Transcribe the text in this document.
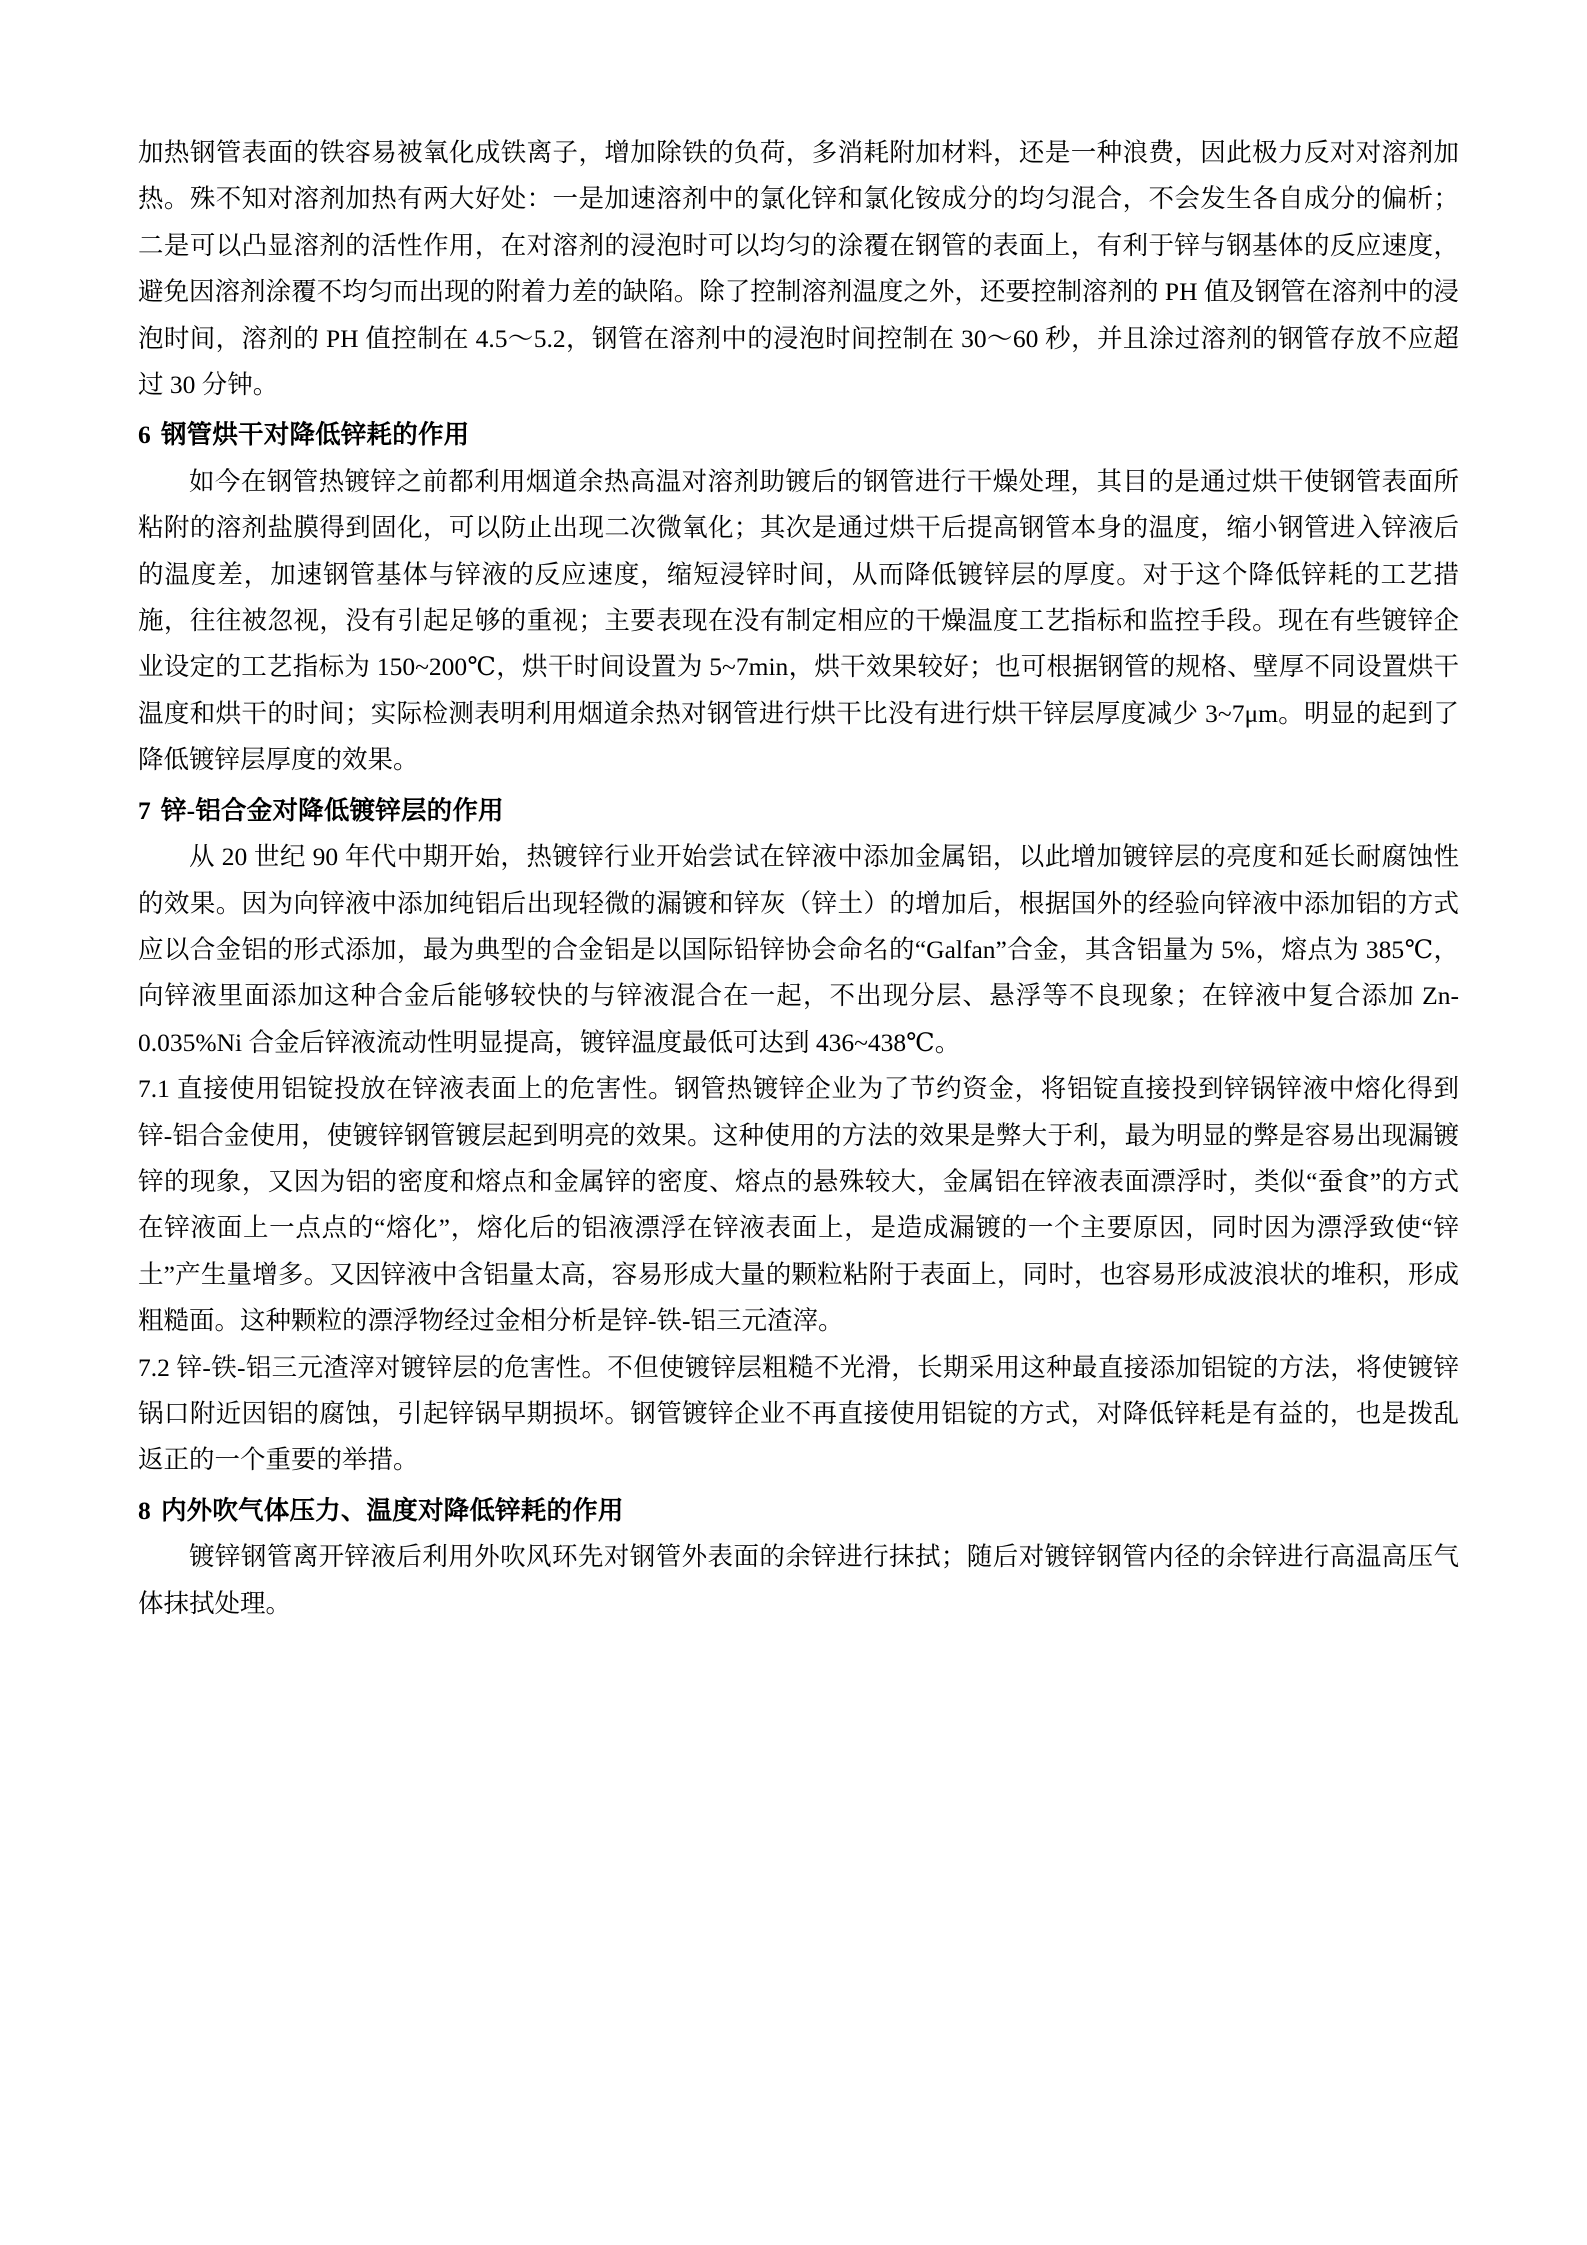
加热钢管表面的铁容易被氧化成铁离子，增加除铁的负荷，多消耗附加材料，还是一种浪费，因此极力反对对溶剂加热。殊不知对溶剂加热有两大好处：一是加速溶剂中的氯化锌和氯化铵成分的均匀混合，不会发生各自成分的偏析；二是可以凸显溶剂的活性作用，在对溶剂的浸泡时可以均匀的涂覆在钢管的表面上，有利于锌与钢基体的反应速度，避免因溶剂涂覆不均匀而出现的附着力差的缺陷。除了控制溶剂温度之外，还要控制溶剂的 PH 值及钢管在溶剂中的浸泡时间，溶剂的 PH 值控制在 4.5～5.2，钢管在溶剂中的浸泡时间控制在 30～60 秒，并且涂过溶剂的钢管存放不应超过 30 分钟。

6 钢管烘干对降低锌耗的作用

如今在钢管热镀锌之前都利用烟道余热高温对溶剂助镀后的钢管进行干燥处理，其目的是通过烘干使钢管表面所粘附的溶剂盐膜得到固化，可以防止出现二次微氧化；其次是通过烘干后提高钢管本身的温度，缩小钢管进入锌液后的温度差，加速钢管基体与锌液的反应速度，缩短浸锌时间，从而降低镀锌层的厚度。对于这个降低锌耗的工艺措施，往往被忽视，没有引起足够的重视；主要表现在没有制定相应的干燥温度工艺指标和监控手段。现在有些镀锌企业设定的工艺指标为 150~200℃，烘干时间设置为 5~7min，烘干效果较好；也可根据钢管的规格、壁厚不同设置烘干温度和烘干的时间；实际检测表明利用烟道余热对钢管进行烘干比没有进行烘干锌层厚度减少 3~7μm。明显的起到了降低镀锌层厚度的效果。

7 锌-铝合金对降低镀锌层的作用

从 20 世纪 90 年代中期开始，热镀锌行业开始尝试在锌液中添加金属铝，以此增加镀锌层的亮度和延长耐腐蚀性的效果。因为向锌液中添加纯铝后出现轻微的漏镀和锌灰（锌土）的增加后，根据国外的经验向锌液中添加铝的方式应以合金铝的形式添加，最为典型的合金铝是以国际铅锌协会命名的“Galfan”合金，其含铝量为 5%，熔点为 385℃，向锌液里面添加这种合金后能够较快的与锌液混合在一起，不出现分层、悬浮等不良现象；在锌液中复合添加 Zn-0.035%Ni 合金后锌液流动性明显提高，镀锌温度最低可达到 436~438℃。

7.1 直接使用铝锭投放在锌液表面上的危害性。钢管热镀锌企业为了节约资金，将铝锭直接投到锌锅锌液中熔化得到锌-铝合金使用，使镀锌钢管镀层起到明亮的效果。这种使用的方法的效果是弊大于利，最为明显的弊是容易出现漏镀锌的现象，又因为铝的密度和熔点和金属锌的密度、熔点的悬殊较大，金属铝在锌液表面漂浮时，类似“蚕食”的方式在锌液面上一点点的“熔化”，熔化后的铝液漂浮在锌液表面上，是造成漏镀的一个主要原因，同时因为漂浮致使“锌土”产生量增多。又因锌液中含铝量太高，容易形成大量的颗粒粘附于表面上，同时，也容易形成波浪状的堆积，形成粗糙面。这种颗粒的漂浮物经过金相分析是锌-铁-铝三元渣滓。

7.2 锌-铁-铝三元渣滓对镀锌层的危害性。不但使镀锌层粗糙不光滑，长期采用这种最直接添加铝锭的方法，将使镀锌锅口附近因铝的腐蚀，引起锌锅早期损坏。钢管镀锌企业不再直接使用铝锭的方式，对降低锌耗是有益的，也是拨乱返正的一个重要的举措。

8 内外吹气体压力、温度对降低锌耗的作用

镀锌钢管离开锌液后利用外吹风环先对钢管外表面的余锌进行抹拭；随后对镀锌钢管内径的余锌进行高温高压气体抹拭处理。
